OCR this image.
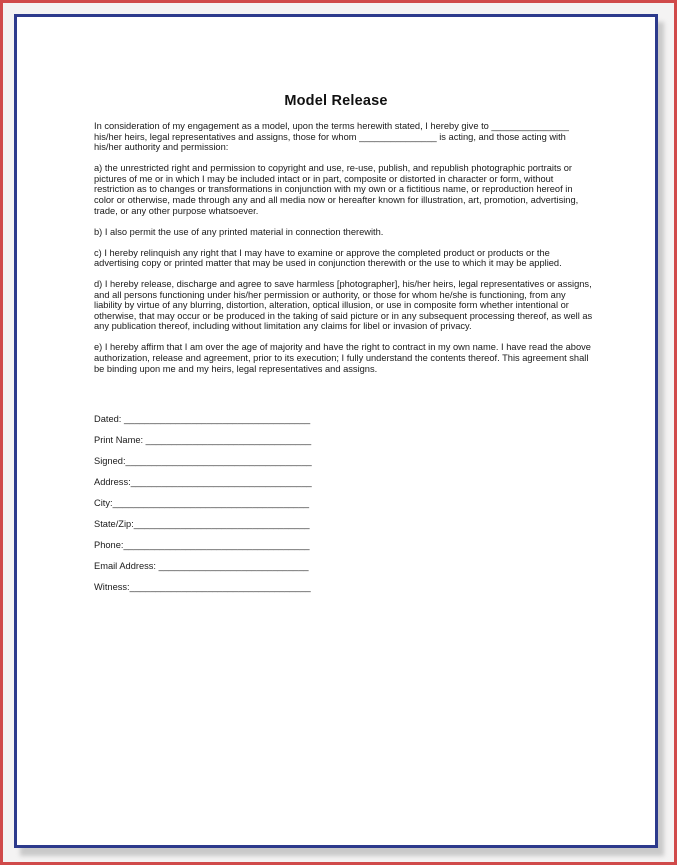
Model Release

In consideration of my engagement as a model, upon the terms herewith stated, I hereby give to _______________ his/her heirs, legal representatives and assigns, those for whom _______________ is acting, and those acting with his/her authority and permission:

a) the unrestricted right and permission to copyright and use, re-use, publish, and republish photographic portraits or pictures of me or in which I may be included intact or in part, composite or distorted in character or form, without restriction as to changes or transformations in conjunction with my own or a fictitious name, or reproduction hereof in color or otherwise, made through any and all media now or hereafter known for illustration, art, promotion, advertising, trade, or any other purpose whatsoever.

b) I also permit the use of any printed material in connection therewith.

c) I hereby relinquish any right that I may have to examine or approve the completed product or products or the advertising copy or printed matter that may be used in conjunction therewith or the use to which it may be applied.

d) I hereby release, discharge and agree to save harmless [photographer], his/her heirs, legal representatives or assigns, and all persons functioning under his/her permission or authority, or those for whom he/she is functioning, from any liability by virtue of any blurring, distortion, alteration, optical illusion, or use in composite form whether intentional or otherwise, that may occur or be produced in the taking of said picture or in any subsequent processing thereof, as well as any publication thereof, including without limitation any claims for libel or invasion of privacy.

e) I hereby affirm that I am over the age of majority and have the right to contract in my own name. I have read the above authorization, release and agreement, prior to its execution; I fully understand the contents thereof. This agreement shall be binding upon me and my heirs, legal representatives and assigns.

Dated: ____________________________________
Print Name: ________________________________
Signed:____________________________________
Address:___________________________________
City:______________________________________
State/Zip:__________________________________
Phone:____________________________________
Email Address: _____________________________
Witness:___________________________________
